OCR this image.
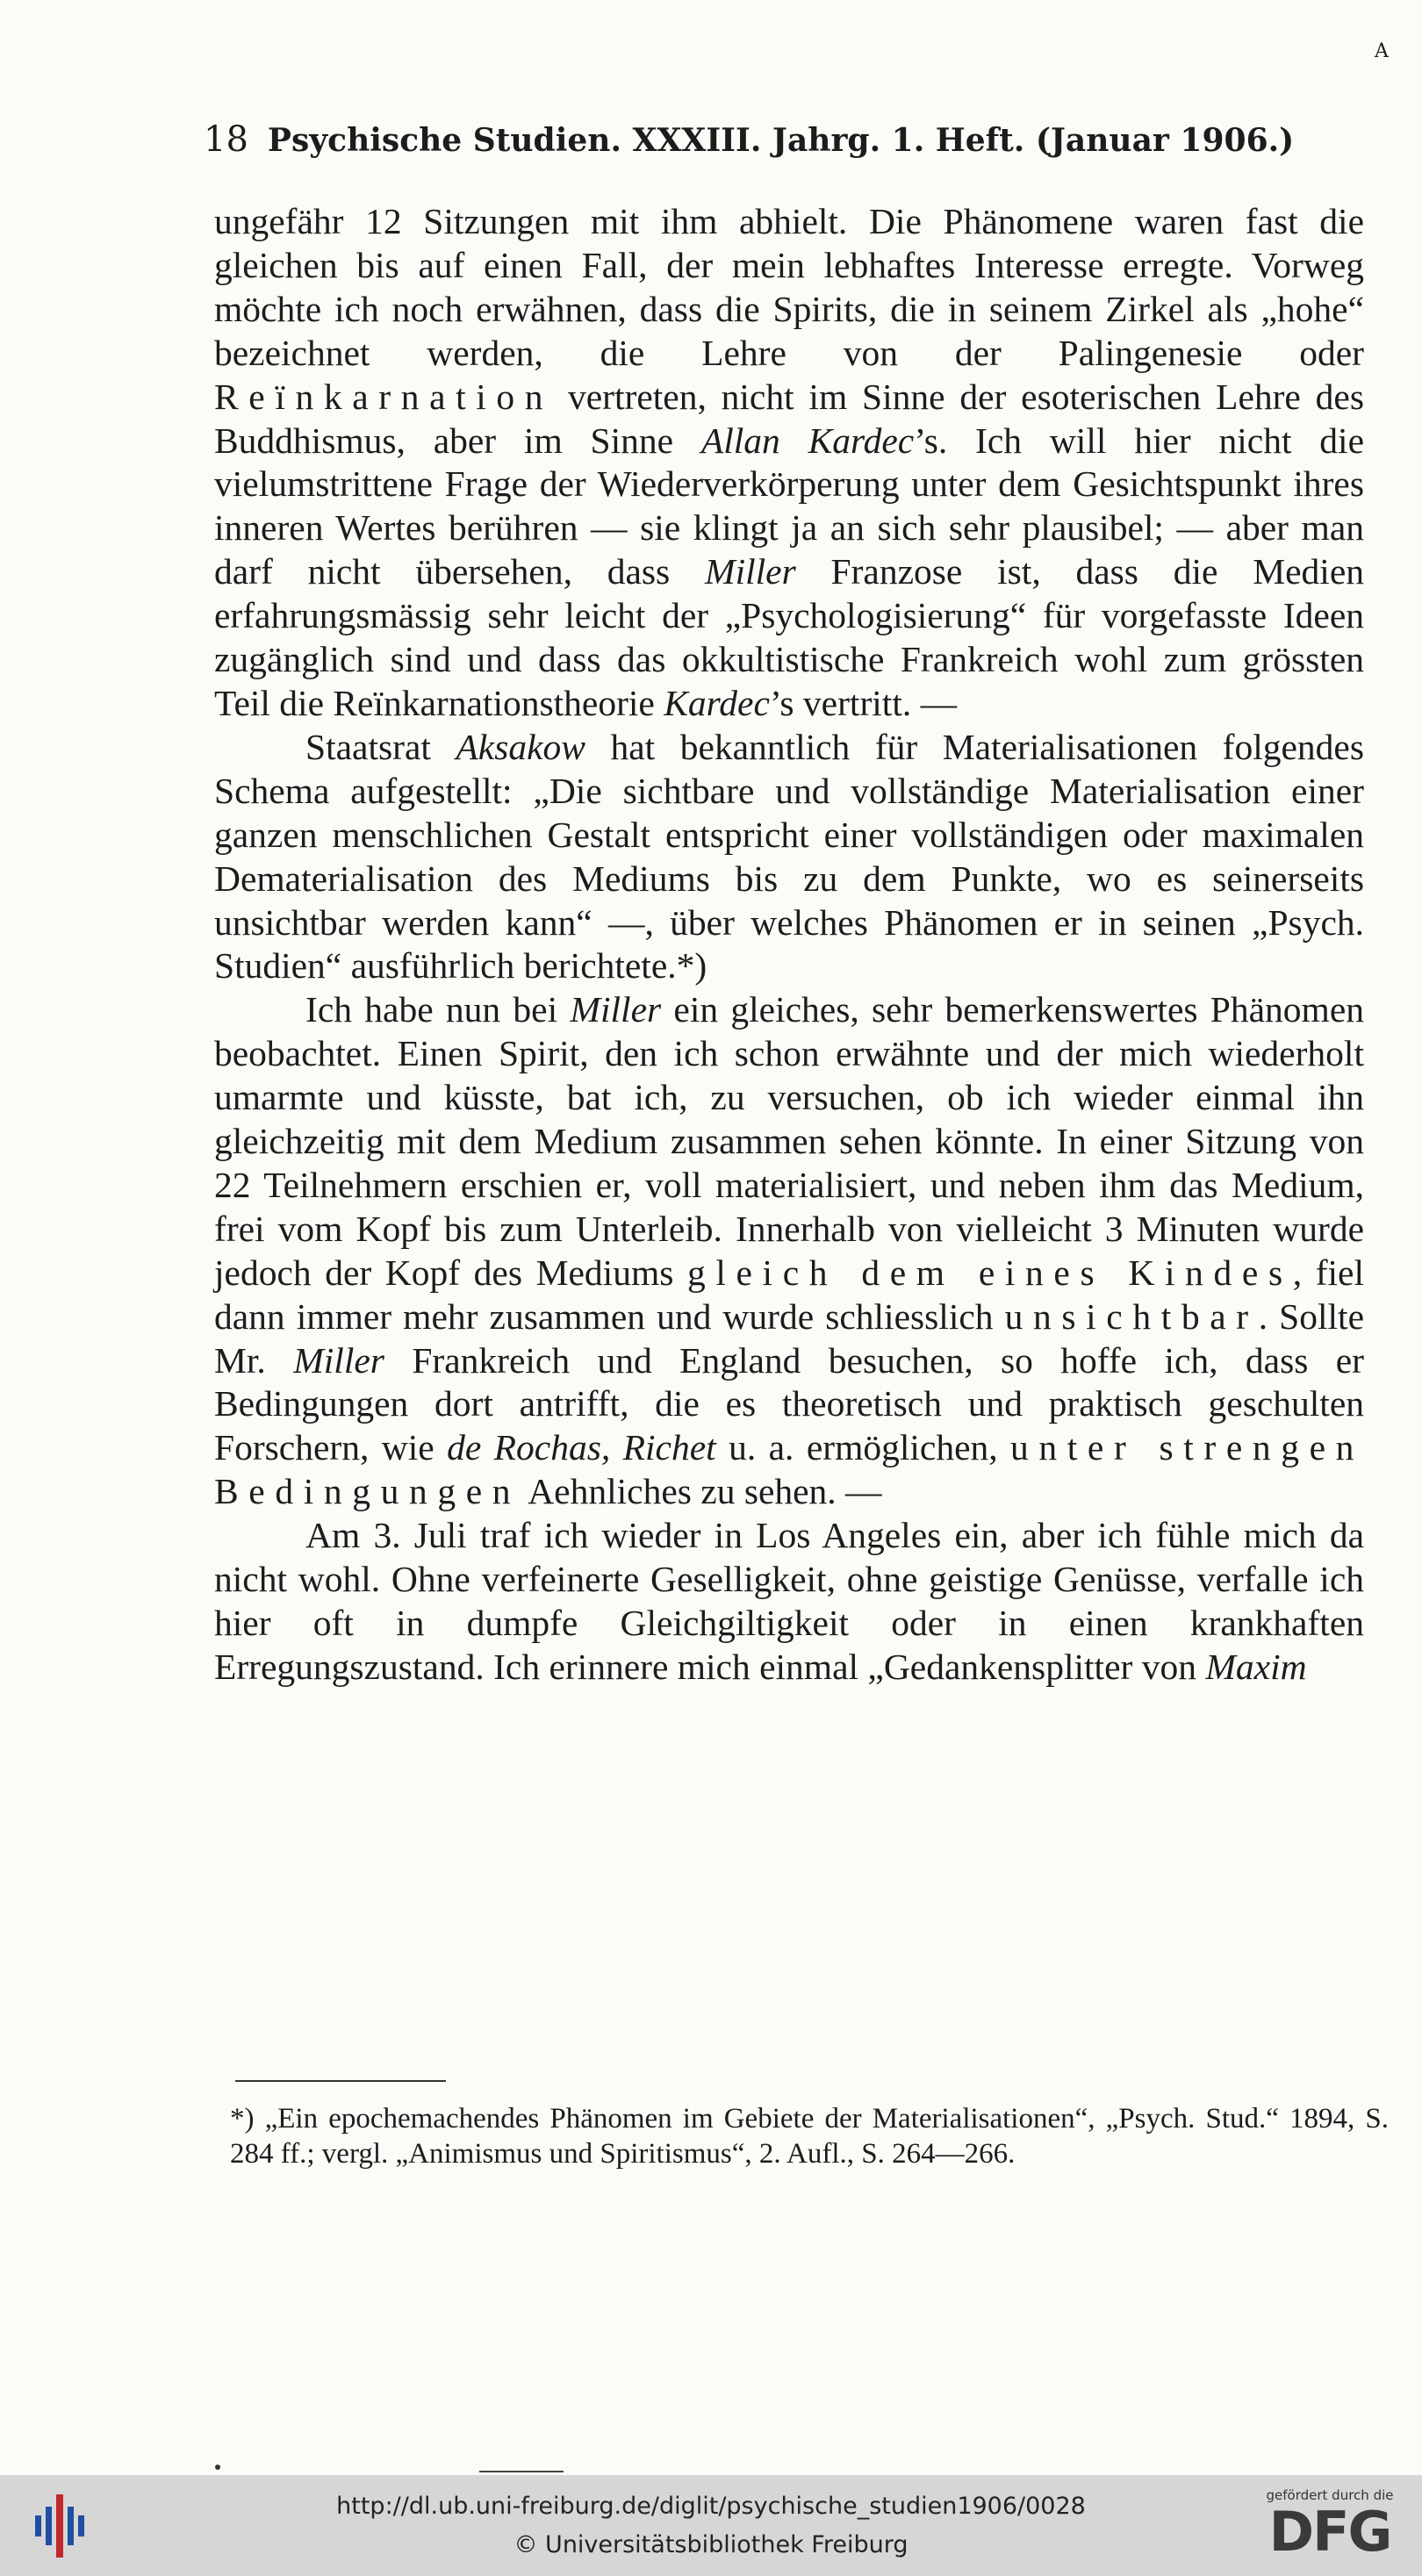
A
18 Psychische Studien. XXXIII. Jahrg. 1. Heft. (Januar 1906.)

ungefähr 12 Sitzungen mit ihm abhielt. Die Phänomene waren fast die gleichen bis auf einen Fall, der mein lebhaftes Interesse erregte. Vorweg möchte ich noch erwähnen, dass die Spirits, die in seinem Zirkel als „hohe“ bezeichnet werden, die Lehre von der Palingenesie oder Reïnkarnation vertreten, nicht im Sinne der esoterischen Lehre des Buddhismus, aber im Sinne Allan Kardec’s. Ich will hier nicht die vielumstrittene Frage der Wiederverkörperung unter dem Gesichtspunkt ihres inneren Wertes berühren — sie klingt ja an sich sehr plausibel; — aber man darf nicht übersehen, dass Miller Franzose ist, dass die Medien erfahrungsmässig sehr leicht der „Psychologisierung“ für vorgefasste Ideen zugänglich sind und dass das okkultistische Frankreich wohl zum grössten Teil die Reïnkarnationstheorie Kardec’s vertritt. —

Staatsrat Aksakow hat bekanntlich für Materialisationen folgendes Schema aufgestellt: „Die sichtbare und vollständige Materialisation einer ganzen menschlichen Gestalt entspricht einer vollständigen oder maximalen Dematerialisation des Mediums bis zu dem Punkte, wo es seinerseits unsichtbar werden kann“ —, über welches Phänomen er in seinen „Psych. Studien“ ausführlich berichtete.*)

Ich habe nun bei Miller ein gleiches, sehr bemerkenswertes Phänomen beobachtet. Einen Spirit, den ich schon erwähnte und der mich wiederholt umarmte und küsste, bat ich, zu versuchen, ob ich wieder einmal ihn gleichzeitig mit dem Medium zusammen sehen könnte. In einer Sitzung von 22 Teilnehmern erschien er, voll materialisiert, und neben ihm das Medium, frei vom Kopf bis zum Unterleib. Innerhalb von vielleicht 3 Minuten wurde jedoch der Kopf des Mediums gleich dem eines Kindes, fiel dann immer mehr zusammen und wurde schliesslich unsichtbar. Sollte Mr. Miller Frankreich und England besuchen, so hoffe ich, dass er Bedingungen dort antrifft, die es theoretisch und praktisch geschulten Forschern, wie de Rochas, Richet u. a. ermöglichen, unter strengen Bedingungen Aehnliches zu sehen. —

Am 3. Juli traf ich wieder in Los Angeles ein, aber ich fühle mich da nicht wohl. Ohne verfeinerte Geselligkeit, ohne geistige Genüsse, verfalle ich hier oft in dumpfe Gleichgiltigkeit oder in einen krankhaften Erregungszustand. Ich erinnere mich einmal „Gedankensplitter von Maxim

*) „Ein epochemachendes Phänomen im Gebiete der Materialisationen“, „Psych. Stud.“ 1894, S. 284 ff.; vergl. „Animismus und Spiritismus“, 2. Aufl., S. 264—266.
http://dl.ub.uni-freiburg.de/diglit/psychische_studien1906/0028
© Universitätsbibliothek Freiburg
gefördert durch die
DFG
